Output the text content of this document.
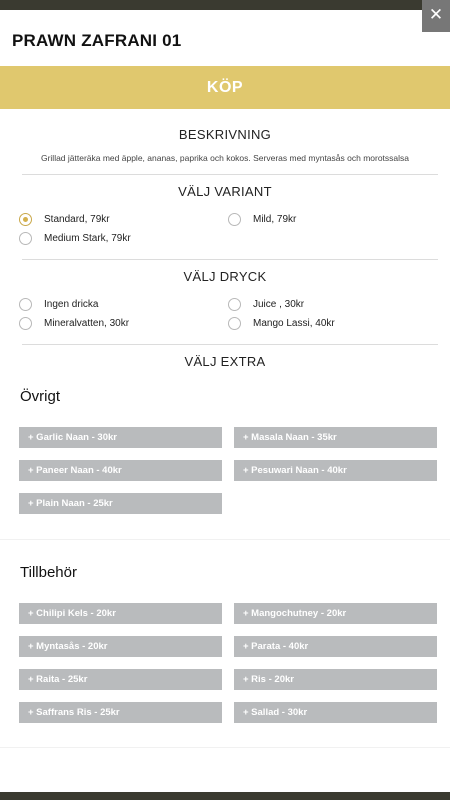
✕
PRAWN ZAFRANI 01
KÖP
BESKRIVNING
Grillad jätteräka med äpple, ananas, paprika och kokos. Serveras med myntasås och morotssalsa
VÄLJ VARIANT
Standard, 79kr	Mild, 79kr
Medium Stark, 79kr
VÄLJ DRYCK
Ingen dricka	Juice , 30kr
Mineralvatten, 30kr	Mango Lassi, 40kr
VÄLJ EXTRA
Övrigt
+ Garlic Naan - 30kr	+ Masala Naan - 35kr
+ Paneer Naan - 40kr	+ Pesuwari Naan - 40kr
+ Plain Naan - 25kr
Tillbehör
+ Chilipi Kels - 20kr	+ Mangochutney - 20kr
+ Myntasås - 20kr	+ Parata - 40kr
+ Raita - 25kr	+ Ris - 20kr
+ Saffrans Ris - 25kr	+ Sallad - 30kr
